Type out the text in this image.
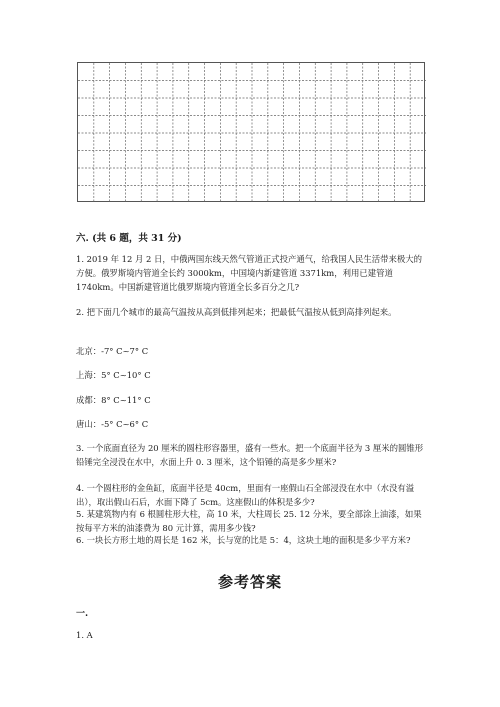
六. (共 6 题，共 31 分)

1. 2019 年 12 月 2 日，中俄两国东线天然气管道正式投产通气，给我国人民生活带来极大的方便。俄罗斯境内管道全长约 3000km，中国境内新建管道 3371km，利用已建管道 1740km。中国新建管道比俄罗斯境内管道全长多百分之几?

2. 把下面几个城市的最高气温按从高到低排列起来；把最低气温按从低到高排列起来。

北京：-7° C~7° C
上海：5° C~10° C
成都：8° C~11° C
唐山：-5° C~6° C

3. 一个底面直径为 20 厘米的圆柱形容器里，盛有一些水。把一个底面半径为 3 厘米的圆锥形铅锤完全浸没在水中，水面上升 0. 3 厘米，这个铅锤的高是多少厘米?

4. 一个圆柱形的金鱼缸，底面半径是 40cm，里面有一座假山石全部浸没在水中（水没有溢出），取出假山石后，水面下降了 5cm。这座假山的体积是多少?

5. 某建筑物内有 6 根圆柱形大柱，高 10 米，大柱周长 25. 12 分米，要全部涂上油漆，如果按每平方米的油漆费为 80 元计算，需用多少钱?

6. 一块长方形土地的周长是 162 米，长与宽的比是 5：4，这块土地的面积是多少平方米?

参考答案
一.
1. A
